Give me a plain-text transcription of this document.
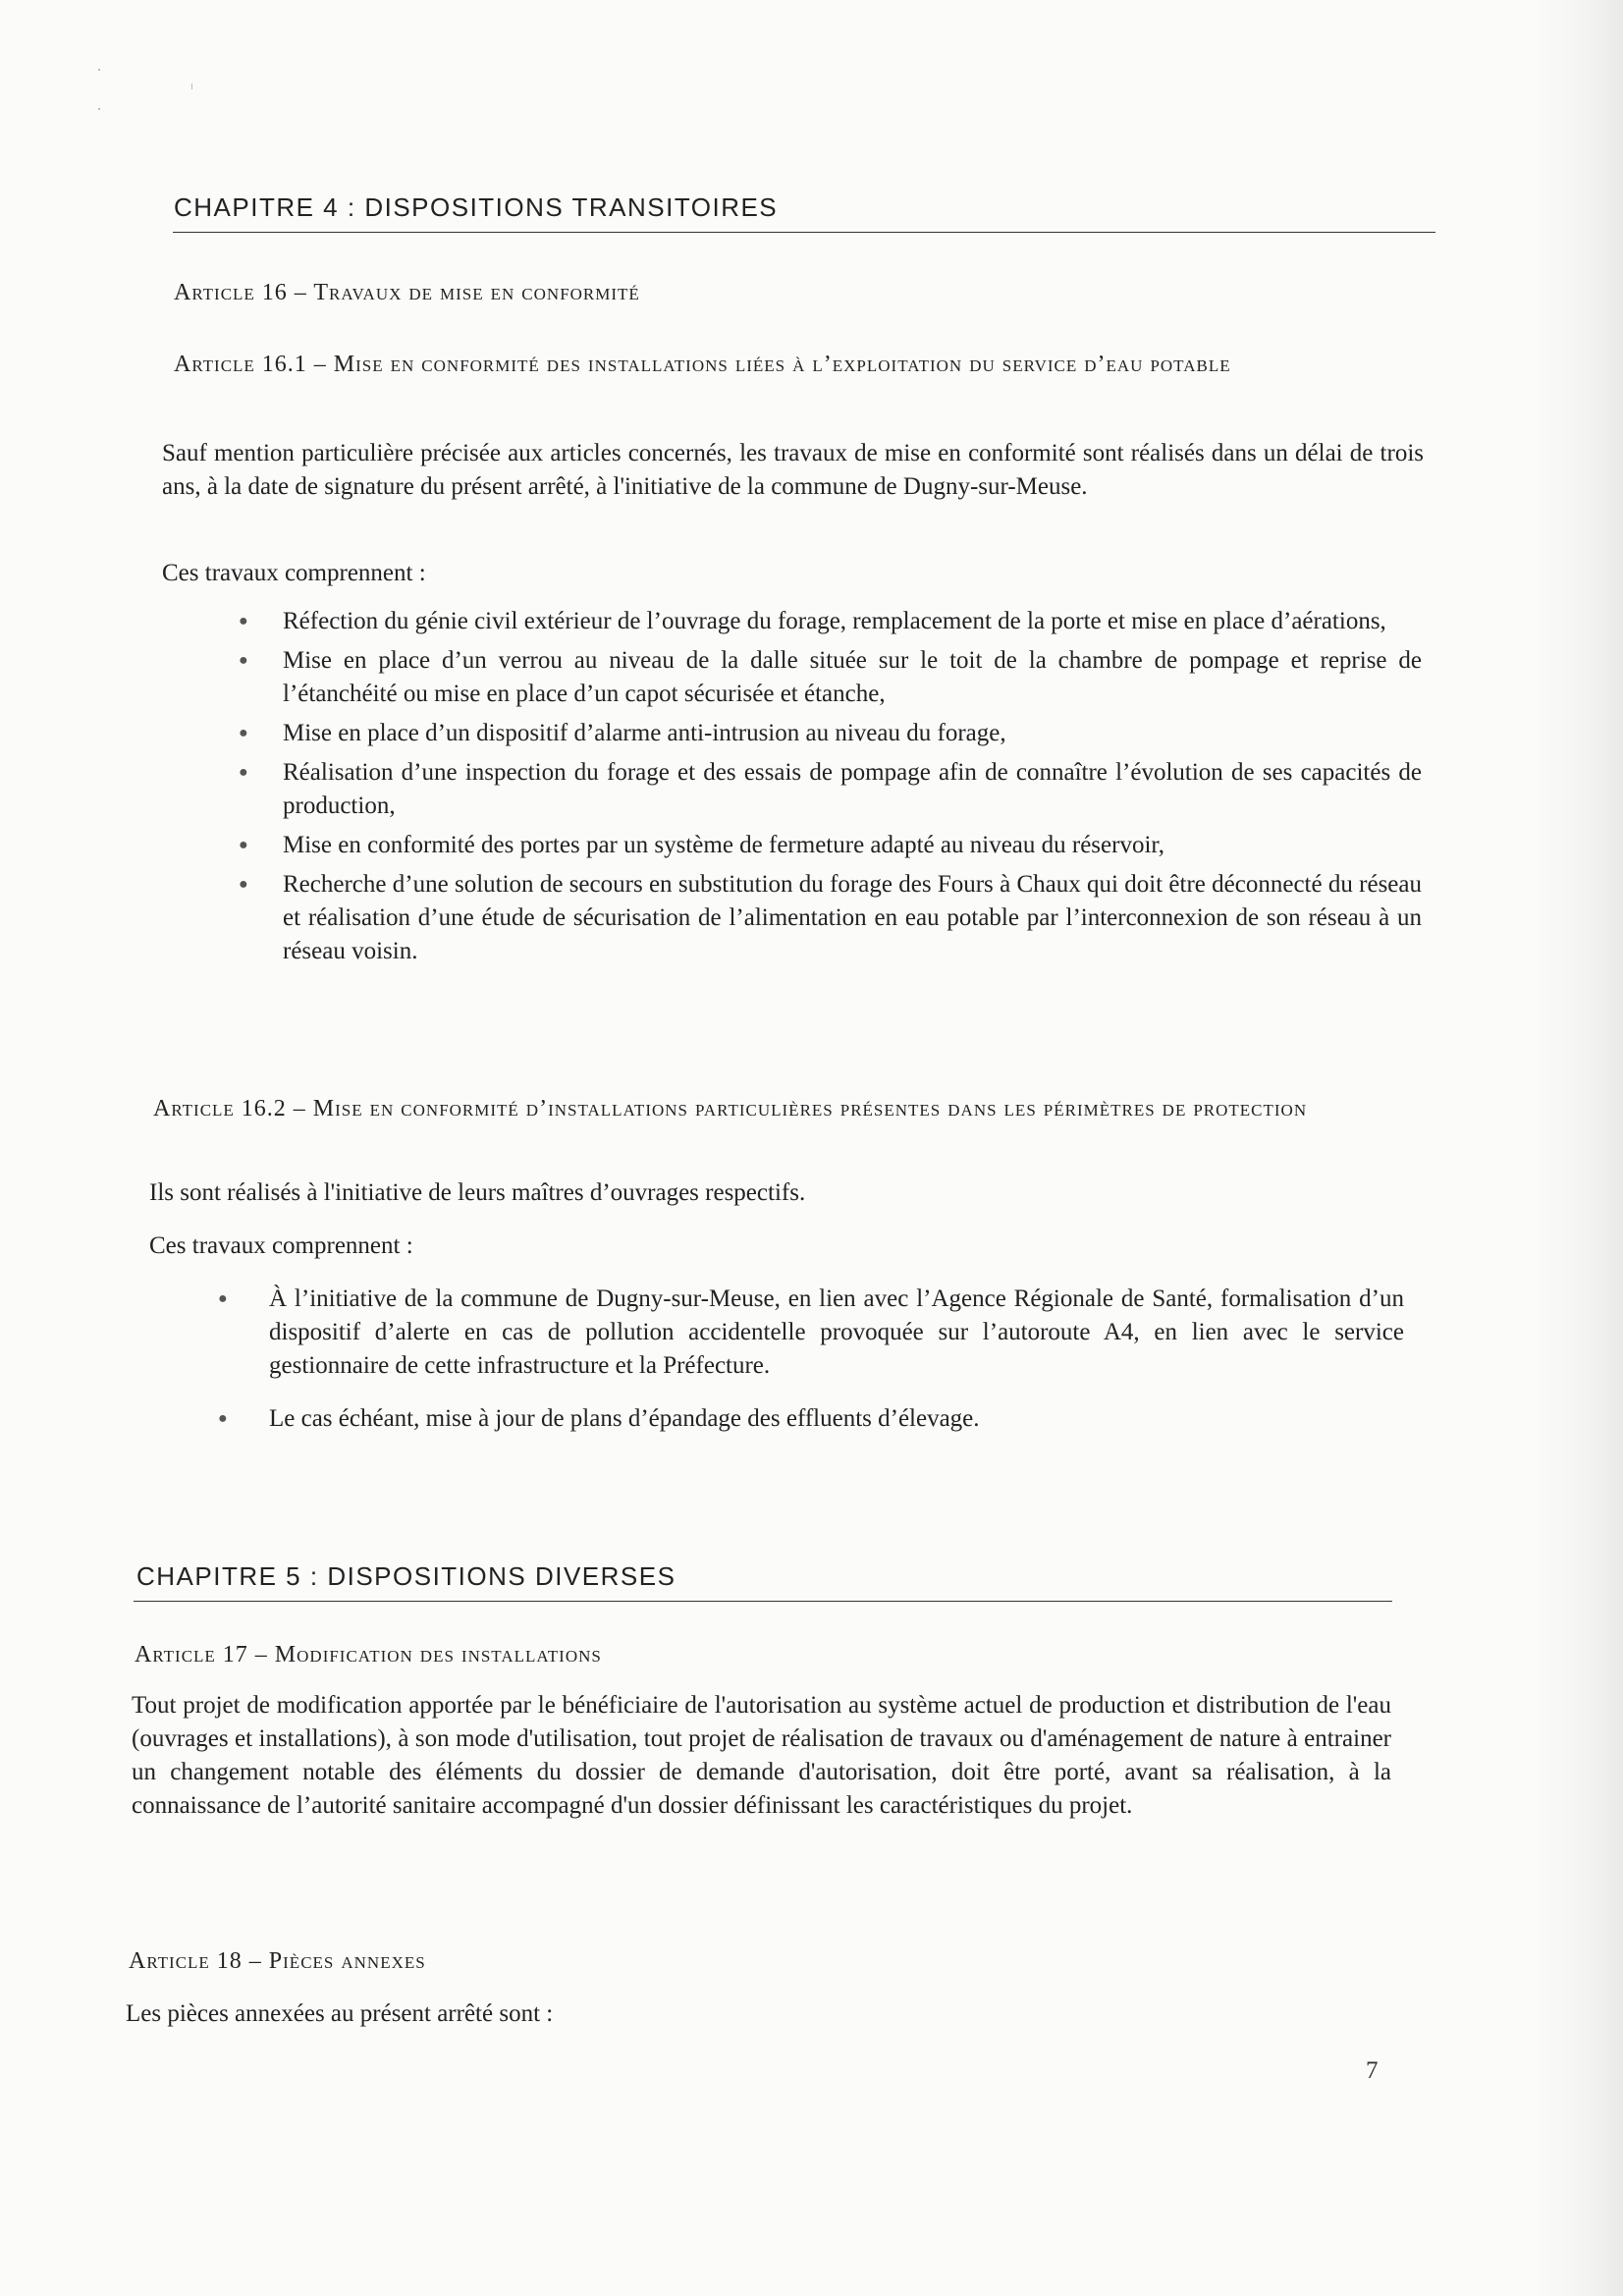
CHAPITRE 4 : DISPOSITIONS TRANSITOIRES
Article 16 – Travaux de mise en conformité
Article 16.1 – Mise en conformité des installations liées à l’exploitation du service d’eau potable

Sauf mention particulière précisée aux articles concernés, les travaux de mise en conformité sont réalisés dans un délai de trois ans, à la date de signature du présent arrêté, à l'initiative de la commune de Dugny-sur-Meuse.

Ces travaux comprennent :

● Réfection du génie civil extérieur de l’ouvrage du forage, remplacement de la porte et mise en place d’aérations,
● Mise en place d’un verrou au niveau de la dalle située sur le toit de la chambre de pompage et reprise de l’étanchéité ou mise en place d’un capot sécurisée et étanche,
● Mise en place d’un dispositif d’alarme anti-intrusion au niveau du forage,
● Réalisation d’une inspection du forage et des essais de pompage afin de connaître l’évolution de ses capacités de production,
● Mise en conformité des portes par un système de fermeture adapté au niveau du réservoir,
● Recherche d’une solution de secours en substitution du forage des Fours à Chaux qui doit être déconnecté du réseau et réalisation d’une étude de sécurisation de l’alimentation en eau potable par l’interconnexion de son réseau à un réseau voisin.
Article 16.2 – Mise en conformité d’installations particulières présentes dans les périmètres de protection

Ils sont réalisés à l'initiative de leurs maîtres d’ouvrages respectifs.

Ces travaux comprennent :

● À l’initiative de la commune de Dugny-sur-Meuse, en lien avec l’Agence Régionale de Santé, formalisation d’un dispositif d’alerte en cas de pollution accidentelle provoquée sur l’autoroute A4, en lien avec le service gestionnaire de cette infrastructure et la Préfecture.
● Le cas échéant, mise à jour de plans d’épandage des effluents d’élevage.
CHAPITRE 5 : DISPOSITIONS DIVERSES
Article 17 – Modification des installations

Tout projet de modification apportée par le bénéficiaire de l'autorisation au système actuel de production et distribution de l'eau (ouvrages et installations), à son mode d'utilisation, tout projet de réalisation de travaux ou d'aménagement de nature à entrainer un changement notable des éléments du dossier de demande d'autorisation, doit être porté, avant sa réalisation, à la connaissance de l’autorité sanitaire accompagné d'un dossier définissant les caractéristiques du projet.

Article 18 – Pièces annexes

Les pièces annexées au présent arrêté sont :

7
